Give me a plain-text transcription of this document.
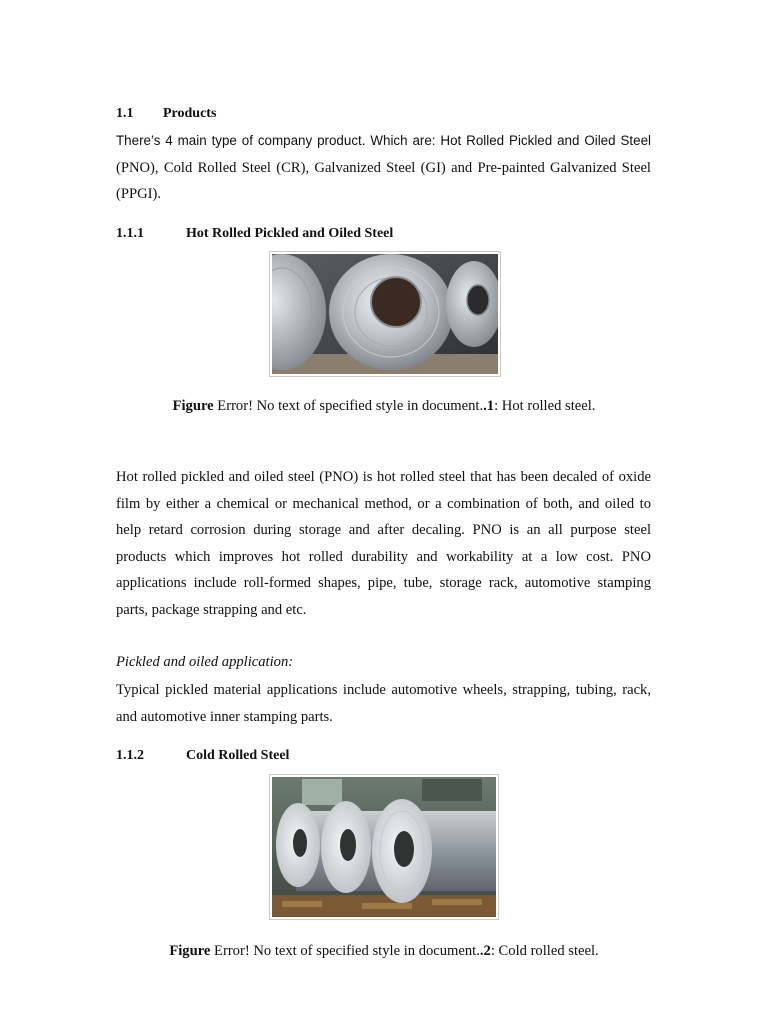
1.1 Products
There’s 4 main type of company product. Which are: Hot Rolled Pickled and Oiled Steel (PNO), Cold Rolled Steel (CR), Galvanized Steel (GI) and Pre-painted Galvanized Steel (PPGI).
1.1.1	Hot Rolled Pickled and Oiled Steel
Figure Error! No text of specified style in document..1: Hot rolled steel.
Hot rolled pickled and oiled steel (PNO) is hot rolled steel that has been decaled of oxide film by either a chemical or mechanical method, or a combination of both, and oiled to help retard corrosion during storage and after decaling. PNO is an all purpose steel products which improves hot rolled durability and workability at a low cost. PNO applications include roll-formed shapes, pipe, tube, storage rack, automotive stamping parts, package strapping and etc.
Pickled and oiled application:
Typical pickled material applications include automotive wheels, strapping, tubing, rack, and automotive inner stamping parts.
1.1.2	Cold Rolled Steel
Figure Error! No text of specified style in document..2: Cold rolled steel.
